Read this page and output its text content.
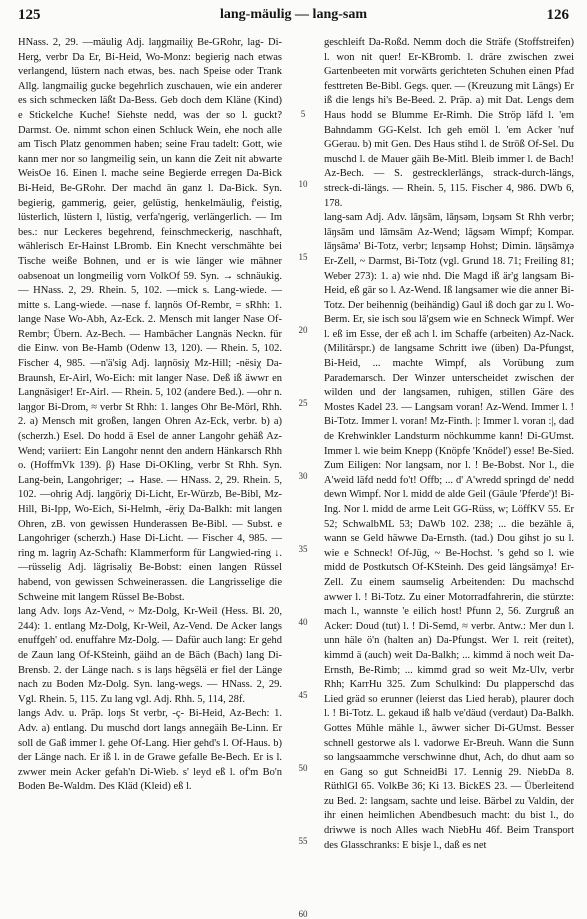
125	lang-mäulig — lang-sam	126
HNass. 2, 29. —mäulig Adj. laŋgmailiχ Be-GRohr, lag- Di-Herg, verbr Da Er, Bi-Heid, Wo-Monz: begierig nach etwas verlangend, lüstern nach etwas, bes. nach Speise oder Trank Allg. langmailig gucke begehrlich zuschauen, wie ein anderer es sich schmecken läßt Da-Bess. Geb doch dem Kläne (Kind) e Stickelche Kuche! Siehste nedd, was der so l. guckt? Darmst. Oe. nimmt schon einen Schluck Wein, ehe noch alle am Tisch Platz genommen haben; seine Frau tadelt: Gott, wie kann mer nor so langmeilig sein, un kann die Zeit nit abwarte WeisOe 16. Einen l. mache seine Begierde erregen Da-Bick Bi-Heid, Be-GRohr. Der machd än ganz l. Da-Bick. Syn. begierig, gammerig, geier, gelüstig, henkelmäulig, f'eistig, lüsterlich, lüstern l, lüstig, verfa'ngerig, verlängerlich. — Im bes.: nur Leckeres begehrend, feinschmeckerig, naschhaft, wählerisch Er-Hainst LBromb. Ein Knecht verschmähte bei Tische weiße Bohnen, und er is wie länger wie mähner oabsenoat un longmeilig vorn VolkOf 59. Syn. → schnäukig. — HNass. 2, 29. Rhein. 5, 102. —mick s. Lang-wiede. —mitte s. Lang-wiede. —nase f. laŋnös Of-Rembr, = sRhh: 1. lange Nase Wo-Abh, Az-Eck. 2. Mensch mit langer Nase Of-Rembr; Übern. Az-Bech. — Hambächer Langnäs Neckn. für die Einw. von Be-Hamb (Odenw 13, 120). — Rhein. 5, 102. Fischer 4, 985. —n'ä'sig Adj. laŋnösiχ Mz-Hill; -nësiχ Da-Braunsh, Er-Airl, Wo-Eich: mit langer Nase. Deß iß äwwr en Langnäsiger! Er-Airl. — Rhein. 5, 102 (andere Bed.). —ohr n. laŋgor Bi-Drom, ≈ verbr St Rhh: 1. langes Ohr Be-Mörl, Rhh. 2. a) Mensch mit großen, langen Ohren Az-Eck, verbr. b) a) (scherzh.) Esel. Do hodd ä Esel de anner Langohr gehäß Az-Wend; variiert: Ein Langohr nennt den andern Hänkarsch Rhh o. (HoffmVk 139). β) Hase Di-OKling, verbr St Rhh. Syn. Lang-bein, Langohriger; → Hase. — HNass. 2, 29. Rhein. 5, 102. —ohrig Adj. laŋgöriχ Di-Licht, Er-Würzb, Be-Bibl, Mz-Hill, Bi-Ipp, Wo-Eich, Si-Helmh, -ëriχ Da-Balkh: mit langen Ohren, zB. von gewissen Hunderassen Be-Bibl. — Subst. e Langohriger (scherzh.) Hase Di-Licht. — Fischer 4, 985. —ring m. lagriŋ Az-Schafh: Klammerform für Langwied-ring ↓. —rüsselig Adj. lägrisəliχ Be-Bobst: einen langen Rüssel habend, von gewissen Schweinerassen. die Langrisselige die Schweine mit langem Rüssel Be-Bobst.
lang Adv. loŋs Az-Vend, ~ Mz-Dolg, Kr-Weil (Hess. Bl. 20, 244): 1. entlang Mz-Dolg, Kr-Weil, Az-Vend. De Acker langs enuffgeh' od. enuffahre Mz-Dolg. — Dafür auch lang: Er gehd de Zaun lang Of-KSteinh, gäihd an de Bäch (Bach) lang Di-Brensb. 2. der Länge nach. s is laŋs hëgsëlä er fiel der Länge nach zu Boden Mz-Dolg. Syn. lang-wegs. — HNass. 2, 29. Vgl. Rhein. 5, 115. Zu lang vgl. Adj. Rhh. 5, 114, 28f.
langs Adv. u. Präp. loŋs St verbr, -ç- Bi-Heid, Az-Bech: 1. Adv. a) entlang. Du muschd dort langs annegäih Be-Linn. Er soll de Gaß immer l. gehe Of-Lang. Hier gehd's l. Of-Haus. b) der Länge nach. Er iß l. in de Grawe gefalle Be-Bech. Er is l. zwwer mein Acker gefah'n Di-Wieb. s' leyd eß l. of'm Bo'n Boden Be-Waldm. Des Kläd (Kleid) eß l.
5
10
15
20
25
30
35
40
45
50
55
60
geschleift Da-Roßd. Nemm doch die Sträfe (Stoffstreifen) l. won nit quer! Er-KBromb. l. dräre zwischen zwei Gartenbeeten mit vorwärts gerichteten Schuhen einen Pfad festtreten Be-Bibl. Gegs. quer. — (Kreuzung mit Längs) Er iß die lengs hi's Be-Beed. 2. Präp. a) mit Dat. Lengs dem Haus hodd se Blumme Er-Rimh. Die Ströp läfd l. 'em Bahndamm GG-Kelst. Ich geh emöl l. 'em Acker 'nuf GGerau. b) mit Gen. Des Haus stihd l. de Ströß Of-Sel. Du muschd l. de Mauer gäih Be-Mitl. Bleib immer l. de Bach! Az-Bech. — S. gestrecklerlängs, strack-durch-längs, streck-di-längs. — Rhein. 5, 115. Fischer 4, 986. DWb 6, 178.
lang-sam Adj. Adv. lāŋsām, lāŋsəm, lɔŋsəm St Rhh verbr; lāŋsām und lāmsām Az-Wend; lāgsəm Wimpf; Kompar. lāŋsāmə' Bi-Totz, verbr; lεŋsəmp Hohst; Dimin. lāŋsāmχə Er-Zell, ~ Darmst, Bi-Totz (vgl. Grund 18. 71; Freiling 81; Weber 273): 1. a) wie nhd. Die Magd iß är'g langsam Bi-Heid, eß gär so l. Az-Wend. Iß langsamer wie die anner Bi-Totz. Der beihennig (beihändig) Gaul iß doch gar zu l. Wo-Berm. Er, sie isch sou lā'gsem wie en Schneck Wimpf. Wer l. eß im Esse, der eß ach l. im Schaffe (arbeiten) Az-Nack. (Militärspr.) de langsame Schritt iwe (üben) Da-Pfungst, Bi-Heid, ... machte Wimpf, als Vorübung zum Parademarsch. Der Winzer unterscheidet zwischen der wilden und der langsamen, ruhigen, stillen Gäre des Mostes Kadel 23. — Langsam voran! Az-Wend. Immer l. ! Bi-Totz. Immer l. voran! Mz-Finth. |: Immer l. voran :|, dad de Krehwinkler Landsturm nöchkumme kann! Di-GUmst. Immer l. wie beim Knepp (Knöpfe 'Knödel') esse! Be-Sied. Zum Eiligen: Nor langsam, nor l. ! Be-Bobst. Nor l., die A'weid läfd nedd fo't! Offb; ... d' A'wredd springd de' nedd dewn Wimpf. Nor l. midd de alde Geil (Gäule 'Pferde')! Bi-Ing. Nor l. midd de arme Leit GG-Rüss, w; LöffKV 55. Er 52; SchwalbML 53; DaWb 102. 238; ... die bezähle ä, wann se Geld häwwe Da-Ernsth. (tad.) Dou gihst jo su l. wie e Schneck! Of-Jüg, ~ Be-Hochst. 's gehd so l. wie midd de Postkutsch Of-KSteinh. Des geid längsämχə! Er-Zell. Zu einem saumselig Arbeitenden: Du machschd awwer l. ! Bi-Totz. Zu einer Motorradfahrerin, die stürzte: mach l., wannste 'e eilich host! Pfunn 2, 56. Zurgruß an Acker: Doud (tut) l. ! Di-Semd, ≈ verbr. Antw.: Mer dun l. unn häle ö'n (halten an) Da-Pfungst. Wer l. reit (reitet), kimmd ä (auch) weit Da-Balkh; ... kimmd ä noch weit Da-Ernsth, Be-Rimb; ... kimmd grad so weit Mz-Ulv, verbr Rhh; KarrHu 325. Zum Schulkind: Du plapperschd das Lied gräd so erunner (leierst das Lied herab), plaurer doch l. ! Bi-Totz. L. gekaud iß halb ve'däud (verdaut) Da-Balkh. Gottes Mühle mähle l., äwwer sicher Di-GUmst. Besser schnell gestorwe als l. vadorwe Er-Breuh. Wann die Sunn so langsaammche verschwinne dhut, Ach, do dhut aam so en Gang so gut SchneidBi 17. Lennig 29. NiebDa 8. RüthlGl 65. VolkBe 36; Ki 13. BickES 23. — Überleitend zu Bed. 2: langsam, sachte und leise. Bärbel zu Valdin, der ihr einen heimlichen Abendbesuch macht: du bist l., do driwwe is noch Alles wach NiebHu 46f. Beim Transport des Glasschranks: E bisje l., daß es net
